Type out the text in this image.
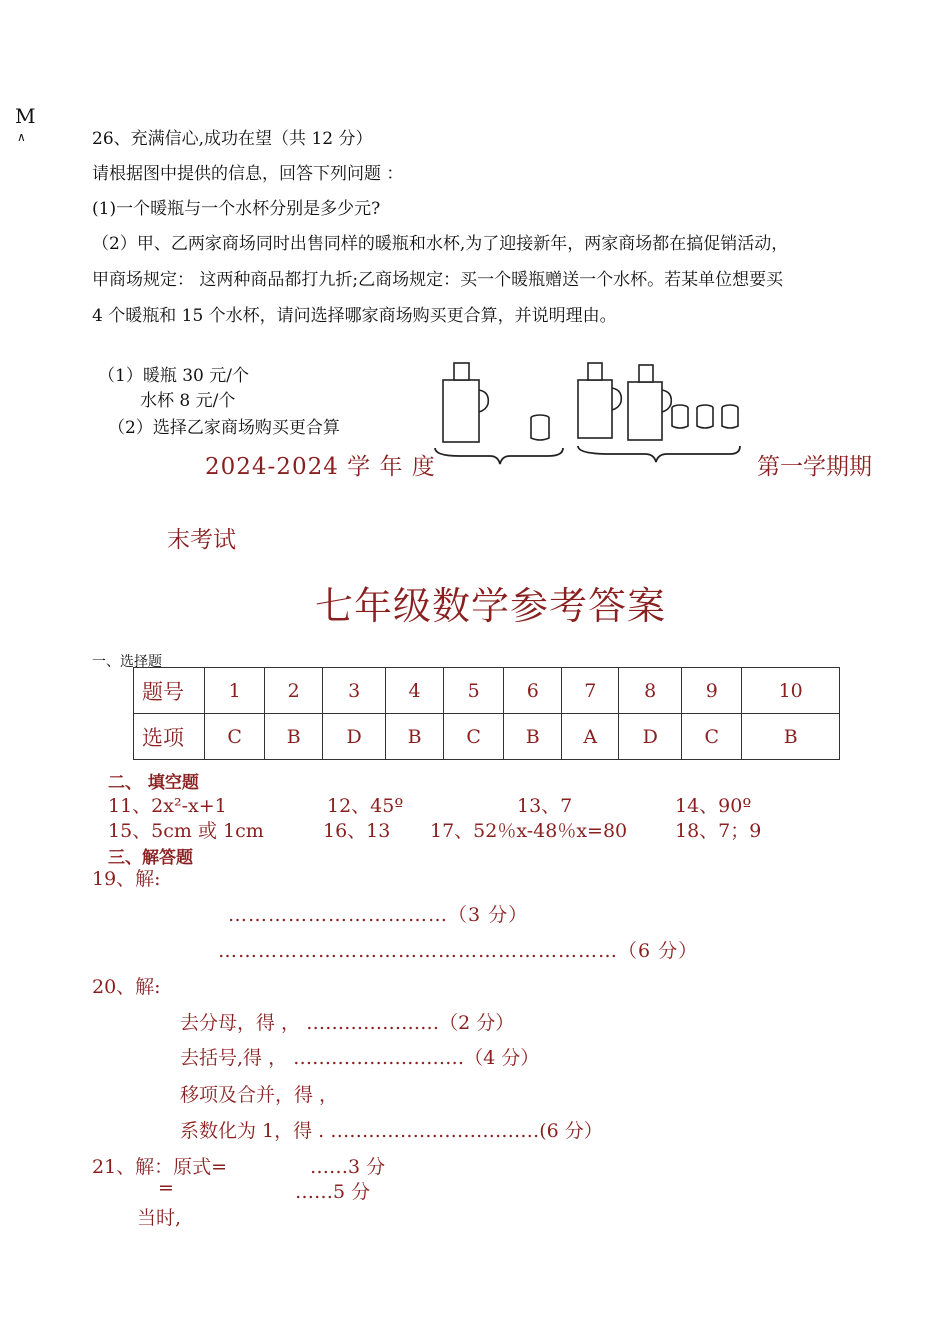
M
∧	26、充满信心,成功在望（共 12 分）
请根据图中提供的信息，回答下列问题 ：
(1)一个暖瓶与一个水杯分别是多少元?
（2）甲、乙两家商场同时出售同样的暖瓶和水杯,为了迎接新年，两家商场都在搞促销活动，
甲商场规定： 这两种商品都打九折;乙商场规定：买一个暖瓶赠送一个水杯。若某单位想要买
4 个暖瓶和 15 个水杯，请问选择哪家商场购买更合算，并说明理由。
（1）暖瓶 30 元/个
水杯 8 元/个
（2）选择乙家商场购买更合算
2024-2024 学 年 度	第一学期期
末考试
七年级数学参考答案
一、选择题
题号	1	2	3	4	5	6	7	8	9	10
选项	C	B	D	B	C	B	A	D	C	B
二、 填空题
11、2x²-x+1	12、45º	13、7	14、90º
15、5cm 或 1cm	16、13 17、52％x-48％x=80	18、7；9
三、解答题
19、解:
……………………………（3 分）
……………………………………………………（6 分）
20、解:
去分母，得 ， …………………（2 分）
去括号,得 ， ………………………（4 分）
移项及合并，得 ，
系数化为 1，得 . ……………………………(6 分）
21、解：原式=	……3 分
=	……5 分
当时,
